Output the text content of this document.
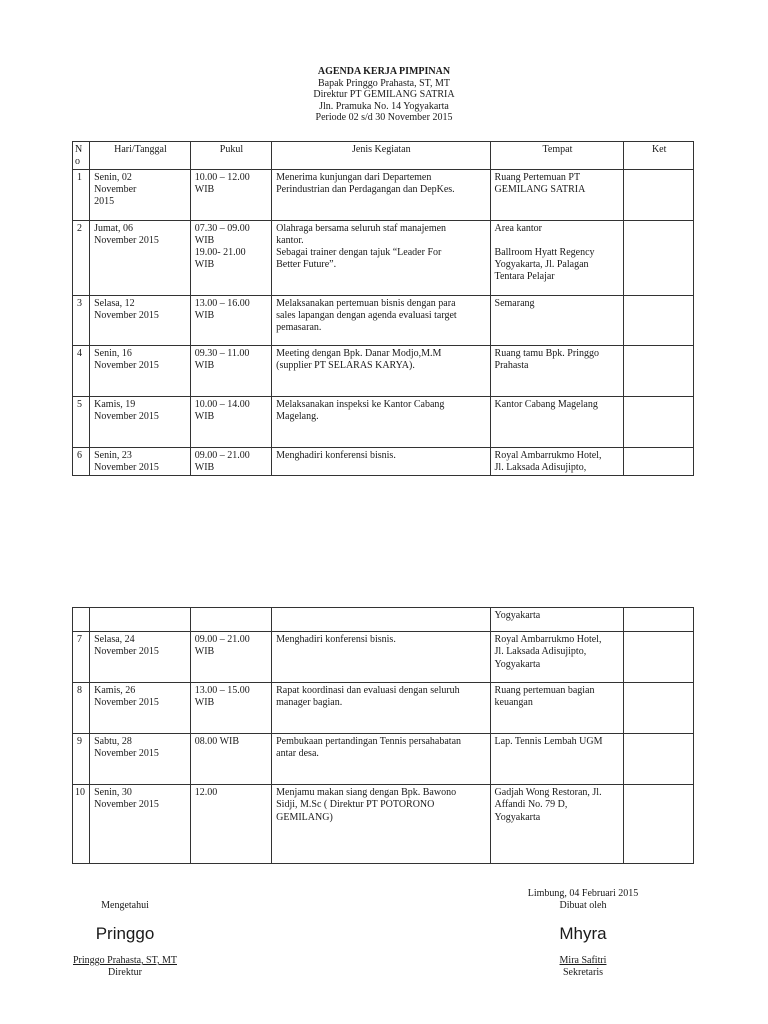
AGENDA KERJA PIMPINAN
Bapak Pringgo Prahasta, ST, MT
Direktur PT GEMILANG SATRIA
Jln. Pramuka No. 14 Yogyakarta
Periode 02 s/d 30 November 2015
N
o	Hari/Tanggal	Pukul	Jenis Kegiatan	Tempat	Ket
1	Senin, 02
November
2015	10.00 – 12.00
WIB	Menerima kunjungan dari Departemen
Perindustrian dan Perdagangan dan DepKes.	Ruang Pertemuan PT
GEMILANG SATRIA	

2	Jumat, 06
November 2015	07.30 – 09.00
WIB
19.00- 21.00
WIB	Olahraga bersama seluruh staf manajemen
kantor.
Sebagai trainer dengan tajuk “Leader For
Better Future”.	Area kantor
Ballroom Hyatt Regency
Yogyakarta, Jl. Palagan
Tentara Pelajar	

3	Selasa, 12
November 2015	13.00 – 16.00
WIB	Melaksanakan pertemuan bisnis dengan para
sales lapangan dengan agenda evaluasi target
pemasaran.	Semarang	

4	Senin, 16
November 2015	09.30 – 11.00
WIB	Meeting dengan Bpk. Danar Modjo,M.M
(supplier PT SELARAS KARYA).	Ruang tamu Bpk. Pringgo
Prahasta	

5	Kamis, 19
November 2015	10.00 – 14.00
WIB	Melaksanakan inspeksi ke Kantor Cabang
Magelang.	Kantor Cabang Magelang	

6	Senin, 23
November 2015	09.00 – 21.00
WIB	Menghadiri konferensi bisnis.	Royal Ambarrukmo Hotel,
Jl. Laksada Adisujipto,	

				Yogyakarta	

7	Selasa, 24
November 2015	09.00 – 21.00
WIB	Menghadiri konferensi bisnis.	Royal Ambarrukmo Hotel,
Jl. Laksada Adisujipto,
Yogyakarta	

8	Kamis, 26
November 2015	13.00 – 15.00
WIB	Rapat koordinasi dan evaluasi dengan seluruh
manager bagian.	Ruang pertemuan bagian
keuangan	

9	Sabtu, 28
November 2015	08.00 WIB	Pembukaan pertandingan Tennis persahabatan
antar desa.	Lap. Tennis Lembah UGM	

10	Senin, 30
November 2015	12.00	Menjamu makan siang dengan Bpk. Bawono
Sidji, M.Sc ( Direktur PT POTORONO
GEMILANG)	Gadjah Wong Restoran, Jl.
Affandi No. 79 D,
Yogyakarta	

Mengetahui
Pringgo
Pringgo Prahasta, ST, MT
Direktur
Limbung, 04 Februari 2015
Dibuat oleh
Mhyra
Mira Safitri
Sekretaris
